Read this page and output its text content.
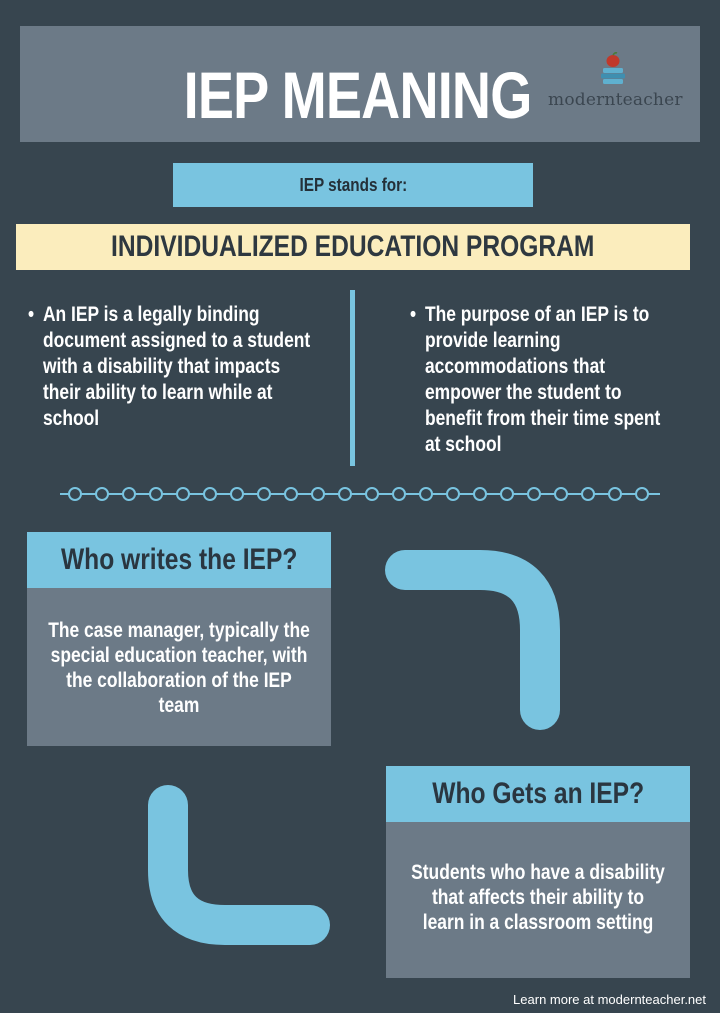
IEP MEANING modernteacher
IEP stands for:
INDIVIDUALIZED EDUCATION PROGRAM
• An IEP is a legally binding
document assigned to a student
with a disability that impacts
their ability to learn while at
school
• The purpose of an IEP is to
provide learning
accommodations that
empower the student to
benefit from their time spent
at school
Who writes the IEP?
The case manager, typically the
special education teacher, with
the collaboration of the IEP
team
Who Gets an IEP?
Students who have a disability
that affects their ability to
learn in a classroom setting
Learn more at modernteacher.net
